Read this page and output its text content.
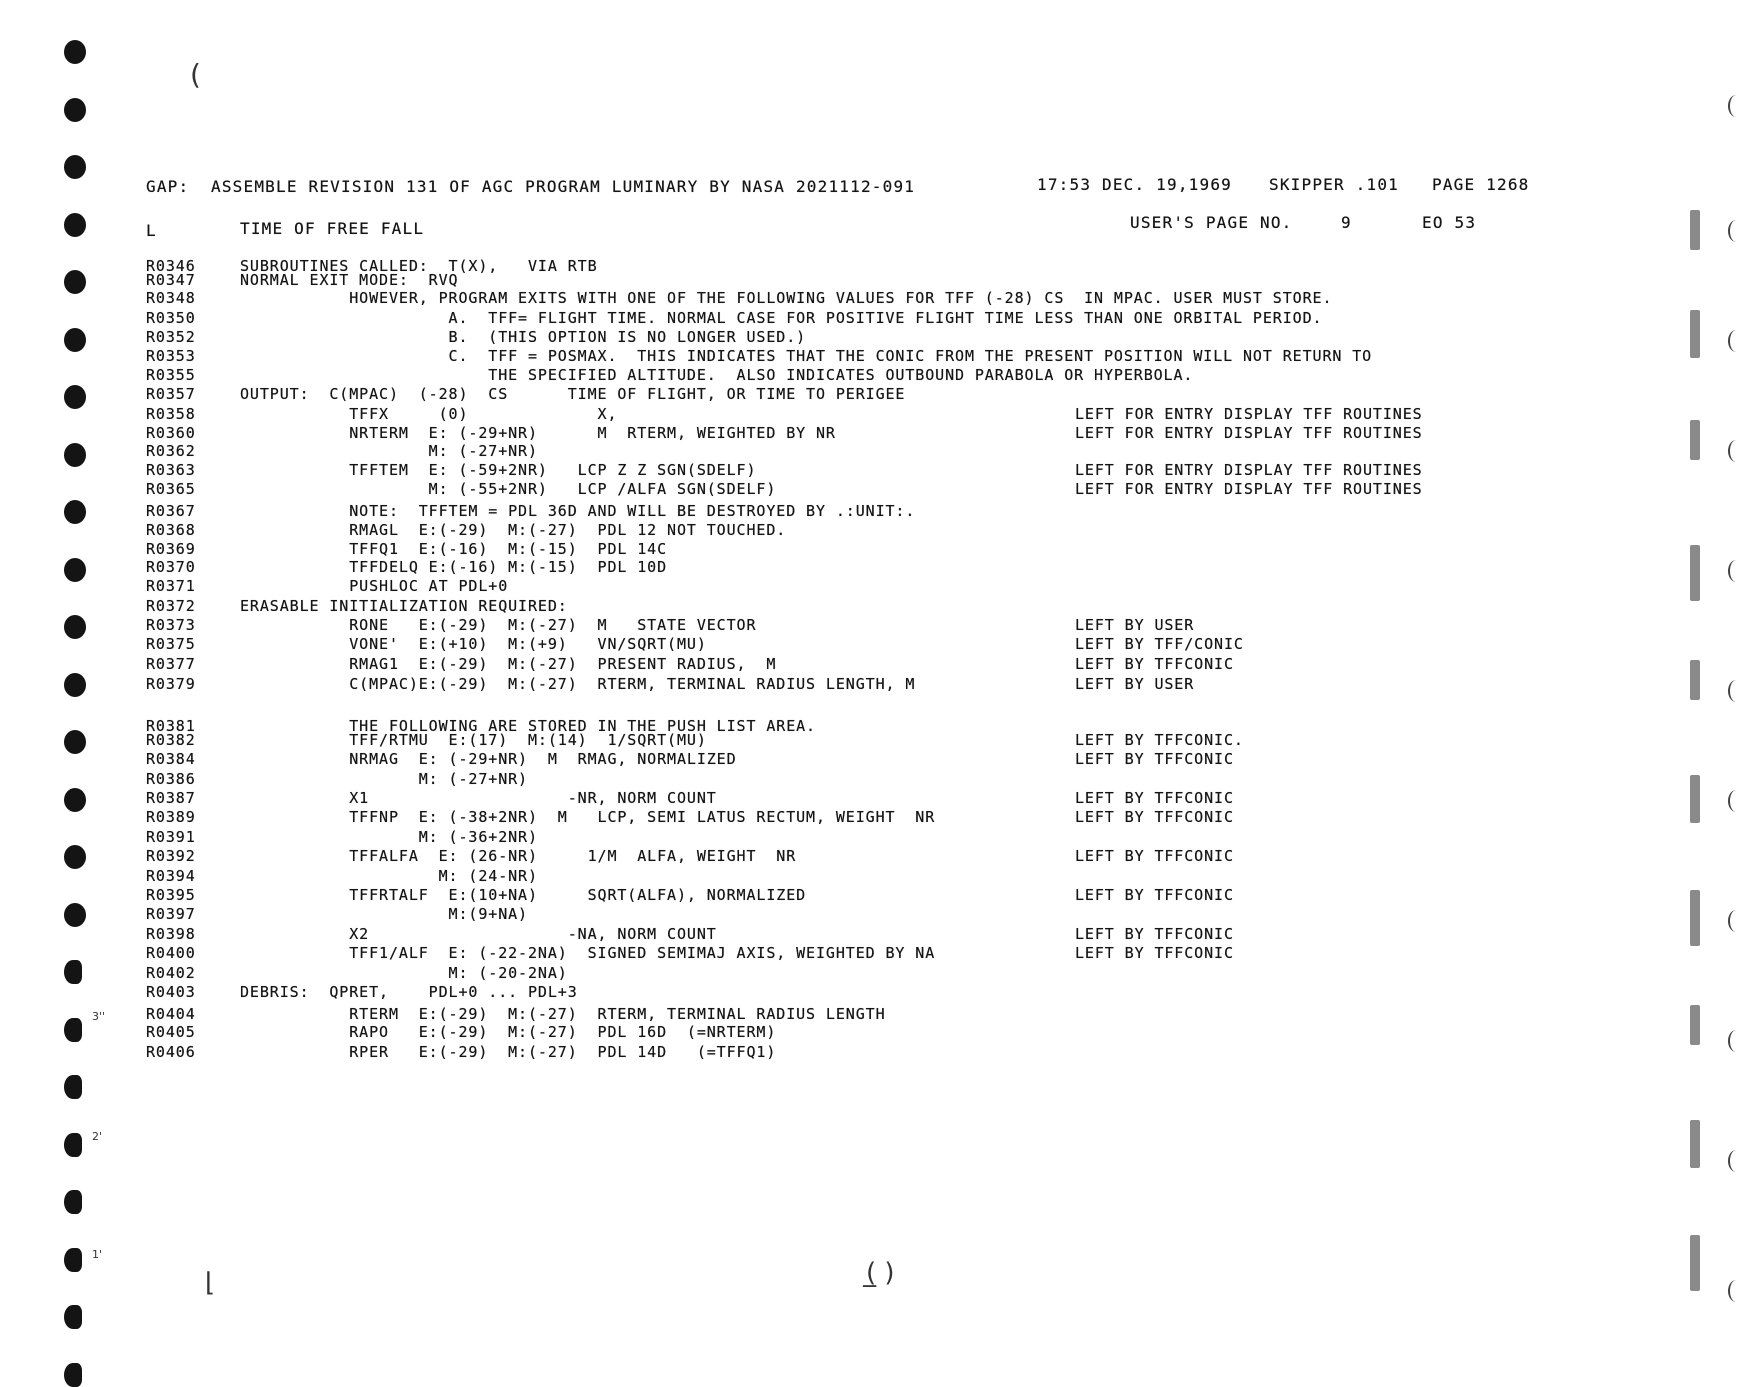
(
⌊	(̲ )
3''
2'
1'
GAP:  ASSEMBLE REVISION 131 OF AGC PROGRAM LUMINARY BY NASA 2021112-091	17:53 DEC. 19,1969 SKIPPER .101 PAGE 1268
L	TIME OF FREE FALL	USER'S PAGE NO.	9	EO 53
R0346	SUBROUTINES CALLED:  T(X),   VIA RTB
R0347	NORMAL EXIT MODE:  RVQ
R0348	HOWEVER, PROGRAM EXITS WITH ONE OF THE FOLLOWING VALUES FOR TFF (-28) CS  IN MPAC. USER MUST STORE.
R0350	A.  TFF= FLIGHT TIME. NORMAL CASE FOR POSITIVE FLIGHT TIME LESS THAN ONE ORBITAL PERIOD.
R0352	B.  (THIS OPTION IS NO LONGER USED.)
R0353	C.  TFF = POSMAX.  THIS INDICATES THAT THE CONIC FROM THE PRESENT POSITION WILL NOT RETURN TO
R0355	THE SPECIFIED ALTITUDE.  ALSO INDICATES OUTBOUND PARABOLA OR HYPERBOLA.
R0357	OUTPUT:  C(MPAC)  (-28)  CS      TIME OF FLIGHT, OR TIME TO PERIGEE
R0358	TFFX     (0)             X,	LEFT FOR ENTRY DISPLAY TFF ROUTINES
R0360	NRTERM  E: (-29+NR)      M  RTERM, WEIGHTED BY NR	LEFT FOR ENTRY DISPLAY TFF ROUTINES
R0362	M: (-27+NR)
R0363	TFFTEM  E: (-59+2NR)   LCP Z Z SGN(SDELF)	LEFT FOR ENTRY DISPLAY TFF ROUTINES
R0365	M: (-55+2NR)   LCP /ALFA SGN(SDELF)	LEFT FOR ENTRY DISPLAY TFF ROUTINES
R0367	NOTE:  TFFTEM = PDL 36D AND WILL BE DESTROYED BY .:UNIT:.
R0368	RMAGL  E:(-29)  M:(-27)  PDL 12 NOT TOUCHED.
R0369	TFFQ1  E:(-16)  M:(-15)  PDL 14C
R0370	TFFDELQ E:(-16) M:(-15)  PDL 10D
R0371	PUSHLOC AT PDL+0
R0372	ERASABLE INITIALIZATION REQUIRED:
R0373	RONE   E:(-29)  M:(-27)  M   STATE VECTOR	LEFT BY USER
R0375	VONE'  E:(+10)  M:(+9)   VN/SQRT(MU)	LEFT BY TFF/CONIC
R0377	RMAG1  E:(-29)  M:(-27)  PRESENT RADIUS,  M	LEFT BY TFFCONIC
R0379	C(MPAC)E:(-29)  M:(-27)  RTERM, TERMINAL RADIUS LENGTH, M	LEFT BY USER
R0381	THE FOLLOWING ARE STORED IN THE PUSH LIST AREA.
R0382	TFF/RTMU  E:(17)  M:(14)  1/SQRT(MU)	LEFT BY TFFCONIC.
R0384	NRMAG  E: (-29+NR)  M  RMAG, NORMALIZED	LEFT BY TFFCONIC
R0386	M: (-27+NR)
R0387	X1                    -NR, NORM COUNT	LEFT BY TFFCONIC
R0389	TFFNP  E: (-38+2NR)  M   LCP, SEMI LATUS RECTUM, WEIGHT  NR	LEFT BY TFFCONIC
R0391	M: (-36+2NR)
R0392	TFFALFA  E: (26-NR)     1/M  ALFA, WEIGHT  NR	LEFT BY TFFCONIC
R0394	M: (24-NR)
R0395	TFFRTALF  E:(10+NA)     SQRT(ALFA), NORMALIZED	LEFT BY TFFCONIC
R0397	M:(9+NA)
R0398	X2                    -NA, NORM COUNT	LEFT BY TFFCONIC
R0400	TFF1/ALF  E: (-22-2NA)  SIGNED SEMIMAJ AXIS, WEIGHTED BY NA	LEFT BY TFFCONIC
R0402	M: (-20-2NA)
R0403	DEBRIS:  QPRET,    PDL+0 ... PDL+3
R0404	RTERM  E:(-29)  M:(-27)  RTERM, TERMINAL RADIUS LENGTH
R0405	RAPO   E:(-29)  M:(-27)  PDL 16D  (=NRTERM)
R0406	RPER   E:(-29)  M:(-27)  PDL 14D   (=TFFQ1)
